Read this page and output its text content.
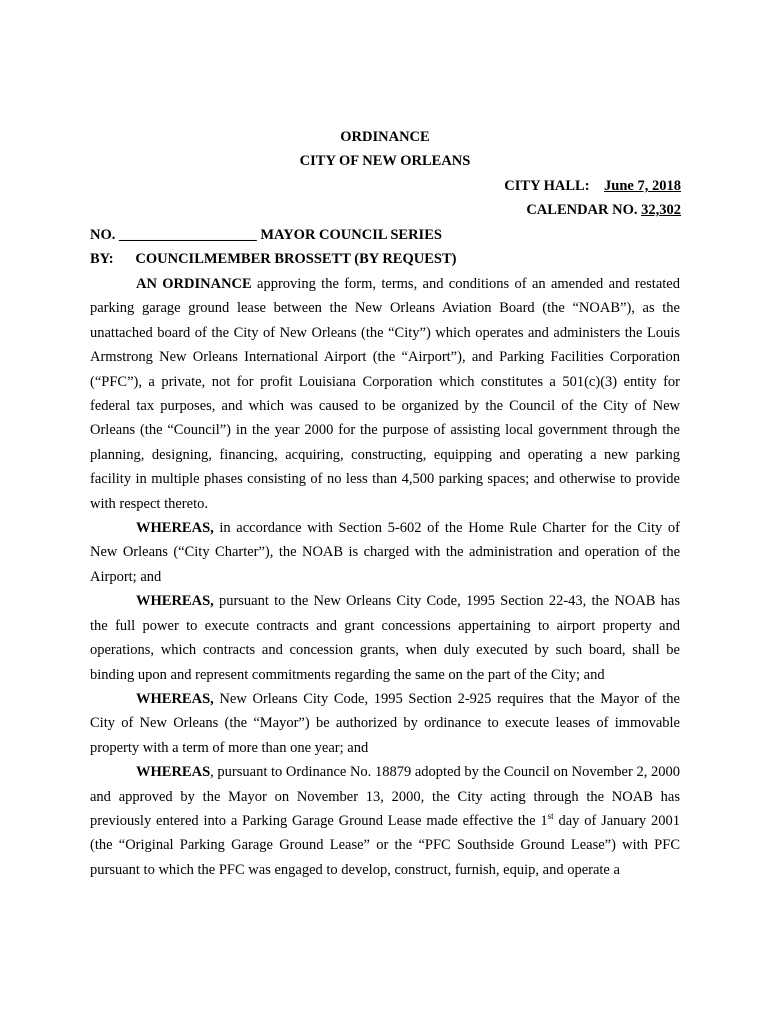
ORDINANCE
CITY OF NEW ORLEANS
CITY HALL: June 7, 2018
CALENDAR NO. 32,302
NO. ___________________ MAYOR COUNCIL SERIES
BY: COUNCILMEMBER BROSSETT (BY REQUEST)

AN ORDINANCE approving the form, terms, and conditions of an amended and restated parking garage ground lease between the New Orleans Aviation Board (the “NOAB”), as the unattached board of the City of New Orleans (the “City”) which operates and administers the Louis Armstrong New Orleans International Airport (the “Airport”), and Parking Facilities Corporation (“PFC”), a private, not for profit Louisiana Corporation which constitutes a 501(c)(3) entity for federal tax purposes, and which was caused to be organized by the Council of the City of New Orleans (the “Council”) in the year 2000 for the purpose of assisting local government through the planning, designing, financing, acquiring, constructing, equipping and operating a new parking facility in multiple phases consisting of no less than 4,500 parking spaces; and otherwise to provide with respect thereto.

WHEREAS, in accordance with Section 5-602 of the Home Rule Charter for the City of New Orleans (“City Charter”), the NOAB is charged with the administration and operation of the Airport; and

WHEREAS, pursuant to the New Orleans City Code, 1995 Section 22-43, the NOAB has the full power to execute contracts and grant concessions appertaining to airport property and operations, which contracts and concession grants, when duly executed by such board, shall be binding upon and represent commitments regarding the same on the part of the City; and

WHEREAS, New Orleans City Code, 1995 Section 2-925 requires that the Mayor of the City of New Orleans (the “Mayor”) be authorized by ordinance to execute leases of immovable property with a term of more than one year; and

WHEREAS, pursuant to Ordinance No. 18879 adopted by the Council on November 2, 2000 and approved by the Mayor on November 13, 2000, the City acting through the NOAB has previously entered into a Parking Garage Ground Lease made effective the 1st day of January 2001 (the “Original Parking Garage Ground Lease” or the “PFC Southside Ground Lease”) with PFC pursuant to which the PFC was engaged to develop, construct, furnish, equip, and operate a
